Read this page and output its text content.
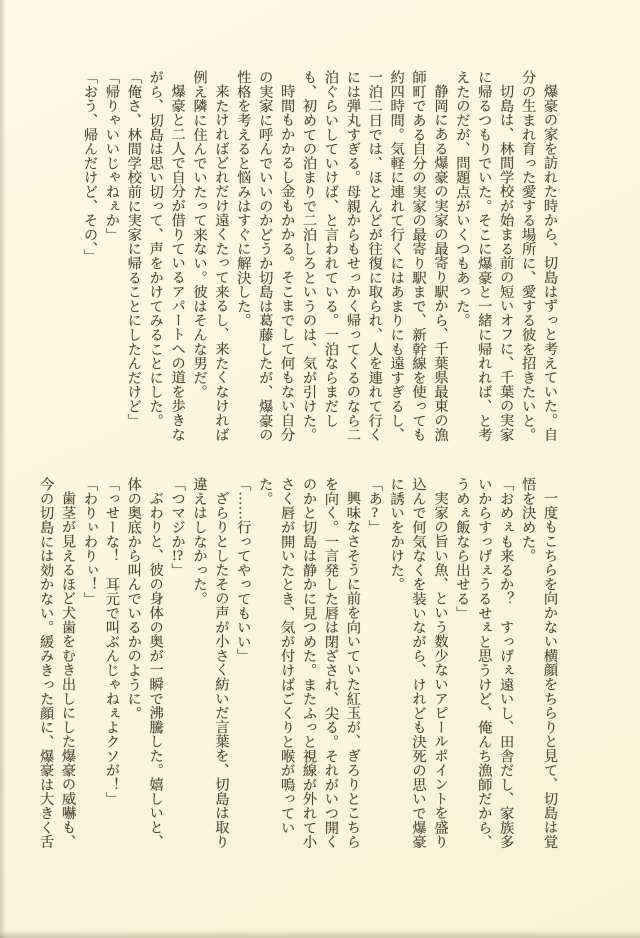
爆豪の家を訪れた時から、切島はずっと考えていた。自分の生まれ育った愛する場所に、愛する彼を招きたいと。

切島は、林間学校が始まる前の短いオフに、千葉の実家に帰るつもりでいた。そこに爆豪と一緒に帰れれば、と考えたのだが、問題点がいくつもあった。

静岡にある爆豪の実家の最寄り駅から、千葉県最東の漁師町である自分の実家の最寄り駅まで、新幹線を使っても約四時間。気軽に連れて行くにはあまりにも遠すぎるし、一泊二日では、ほとんどが往復に取られ、人を連れて行くには弾丸すぎる。母親からもせっかく帰ってくるのなら二泊ぐらいしていけば、と言われている。一泊ならまだしも、初めての泊まりで二泊しろというのは、気が引けた。

時間もかかるし金もかかる。そこまでして何もない自分の実家に呼んでいいのかどうか切島は葛藤したが、爆豪の性格を考えると悩みはすぐに解決した。

来たければどれだけ遠くたって来るし、来たくなければ例え隣に住んでいたって来ない。彼はそんな男だ。

爆豪と二人で自分が借りているアパートへの道を歩きながら、切島は思い切って、声をかけてみることにした。

「俺さ、林間学校前に実家に帰ることにしたんだけど」

「帰りゃいいじゃねぇか」

「おう、帰んだけど、その、」

一度もこちらを向かない横顔をちらりと見て、切島は覚悟を決めた。

「おめぇも来るか？　すっげぇ遠いし、田舎だし、家族多いからすっげぇうるせぇと思うけど、俺んち漁師だから、うめぇ飯なら出せる」

実家の旨い魚、という数少ないアピールポイントを盛り込んで何気なくを装いながら、けれども決死の思いで爆豪に誘いをかけた。

「あ?」

興味なさそうに前を向いていた紅玉が、ぎろりとこちらを向く。一言発した唇は閉ざされ、尖る。それがいつ開くのかと切島は静かに見つめた。またふっと視線が外れて小さく唇が開いたとき、気が付けばごくりと喉が鳴っていた。

「……行ってやってもいい」

ざらりとしたその声が小さく紡いだ言葉を、切島は取り違えはしなかった。

「つマジか!?」

ぶわりと、彼の身体の奥が一瞬で沸騰した。嬉しいと、体の奥底から叫んでいるかのように。

「っせーな！　耳元で叫ぶんじゃねぇよクソが！」

「わりぃわりぃ！」

歯茎が見えるほど犬歯をむき出しにした爆豪の威嚇も、今の切島には効かない。緩みきった顔に、爆豪は大きく舌
